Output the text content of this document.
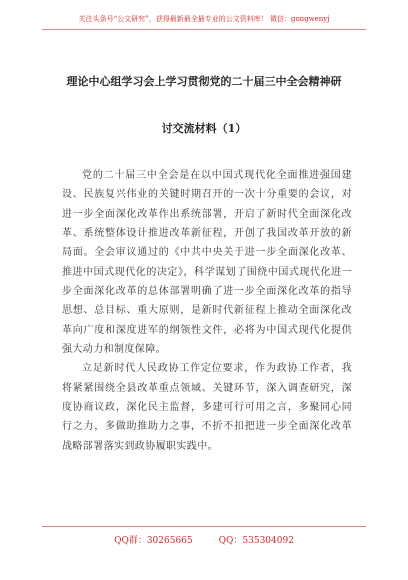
关注头条号“公文研究”，获得最新最全最专业的公文资料库！ 微信：gongwenyj
理论中心组学习会上学习贯彻党的二十届三中全会精神研
讨交流材料（1）

党的二十届三中全会是在以中国式现代化全面推进强国建设、民族复兴伟业的关键时期召开的一次十分重要的会议，对进一步全面深化改革作出系统部署，开启了新时代全面深化改革、系统整体设计推进改革新征程，开创了我国改革开放的新局面。全会审议通过的《中共中央关于进一步全面深化改革、推进中国式现代化的决定》，科学谋划了围绕中国式现代化进一步全面深化改革的总体部署明确了进一步全面深化改革的指导思想、总目标、重大原则，是新时代新征程上推动全面深化改革向广度和深度进军的纲领性文件，必将为中国式现代化提供强大动力和制度保障。

立足新时代人民政协工作定位要求，作为政协工作者，我将紧紧围绕全县改革重点领域、关键环节，深入调查研究，深度协商议政，深化民主监督，多建可行可用之言，多聚同心同行之力，多做助推助力之事，不折不扣把进一步全面深化改革战略部署落实到政协履职实践中。

QQ群：30265665	QQ：535304092
